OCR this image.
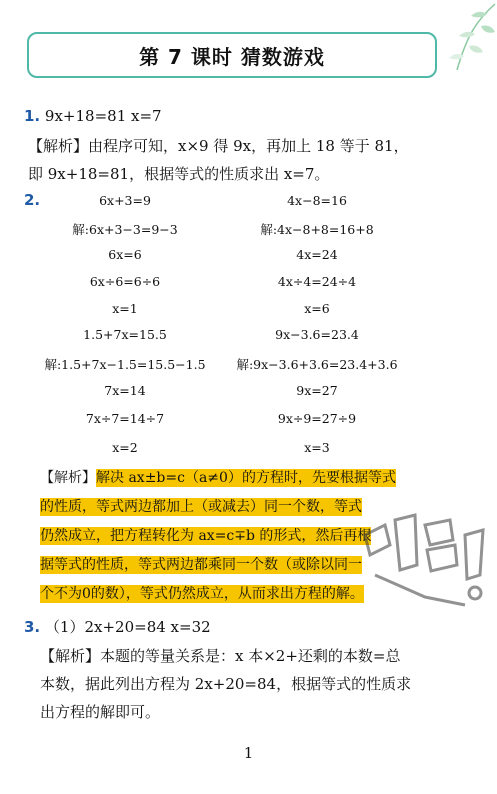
第 7 课时 猜数游戏
1. 9x+18=81 x=7
【解析】由程序可知，x×9 得 9x，再加上 18 等于 81，
即 9x+18=81，根据等式的性质求出 x=7。
2.	6x+3=9
解:6x+3−3=9−3
6x=6
6x÷6=6÷6
x=1
1.5+7x=15.5
解:1.5+7x−1.5=15.5−1.5
7x=14
7x÷7=14÷7
x=2
4x−8=16
解:4x−8+8=16+8
4x=24
4x÷4=24÷4
x=6
9x−3.6=23.4
解:9x−3.6+3.6=23.4+3.6
9x=27
9x÷9=27÷9
x=3
【解析】解决 ax±b=c（a≠0）的方程时，先要根据等式
的性质，等式两边都加上（或减去）同一个数，等式
仍然成立，把方程转化为 ax=c∓b 的形式，然后再根
据等式的性质，等式两边都乘同一个数（或除以同一
个不为0的数），等式仍然成立，从而求出方程的解。
3. （1）2x+20=84 x=32
【解析】本题的等量关系是：x 本×2+还剩的本数=总
本数，据此列出方程为 2x+20=84，根据等式的性质求
出方程的解即可。
1
